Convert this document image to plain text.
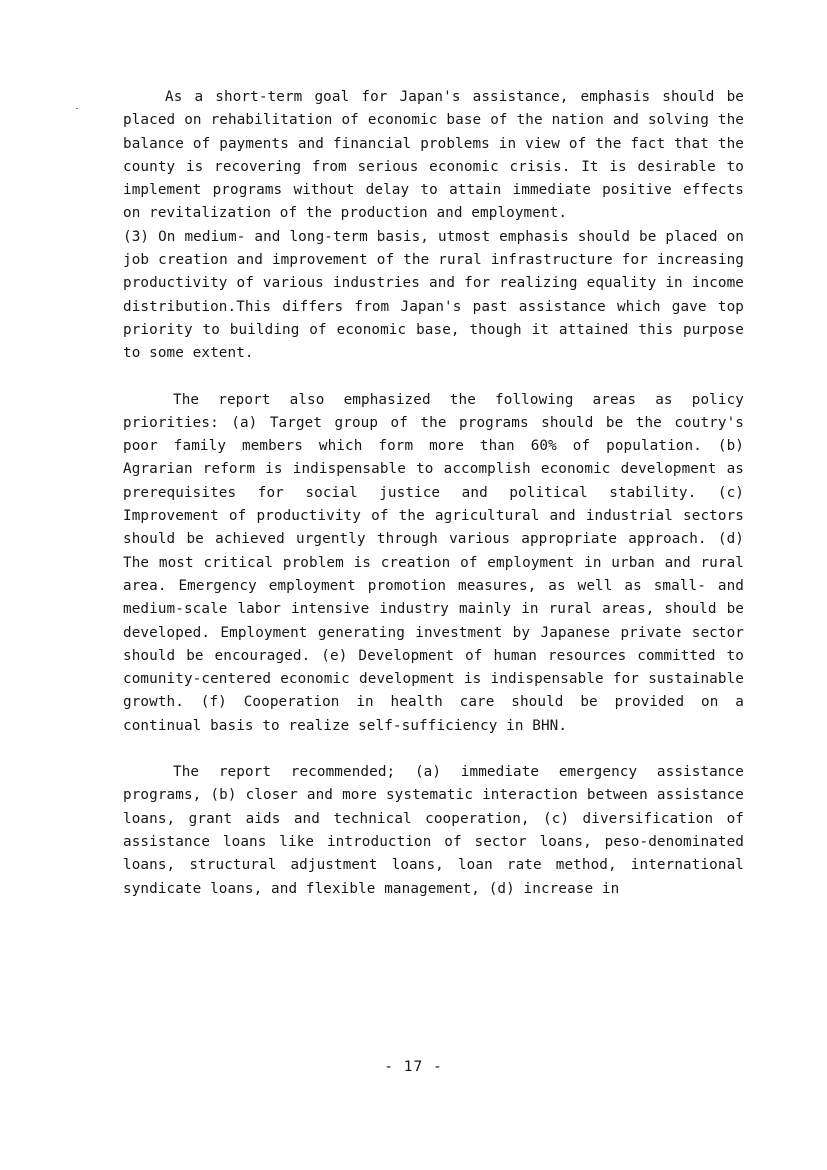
As a short-term goal for Japan's assistance, emphasis should be placed on rehabilitation of economic base of the nation and solving the balance of payments and financial problems in view of the fact that the county is recovering from serious economic crisis. It is desirable to implement programs without delay to attain immediate positive effects on revitalization of the production and employment.

(3) On medium- and long-term basis, utmost emphasis should be placed on job creation and improvement of the rural infrastructure for increasing productivity of various industries and for realizing equality in income distribution.This differs from Japan's past assistance which gave top priority to building of economic base, though it attained this purpose to some extent.

The report also emphasized the following areas as policy priorities: (a) Target group of the programs should be the coutry's poor family members which form more than 60% of population. (b) Agrarian reform is indispensable to accomplish economic development as prerequisites for social justice and political stability. (c) Improvement of productivity of the agricultural and industrial sectors should be achieved urgently through various appropriate approach. (d) The most critical problem is creation of employment in urban and rural area. Emergency employment promotion measures, as well as small- and medium-scale labor intensive industry mainly in rural areas, should be developed. Employment generating investment by Japanese private sector should be encouraged. (e) Development of human resources committed to comunity-centered economic development is indispensable for sustainable growth. (f) Cooperation in health care should be provided on a continual basis to realize self-sufficiency in BHN.

The report recommended; (a) immediate emergency assistance programs, (b) closer and more systematic interaction between assistance loans, grant aids and technical cooperation, (c) diversification of assistance loans like introduction of sector loans, peso-denominated loans, structural adjustment loans, loan rate method, international syndicate loans, and flexible management, (d) increase in

- 17 -
